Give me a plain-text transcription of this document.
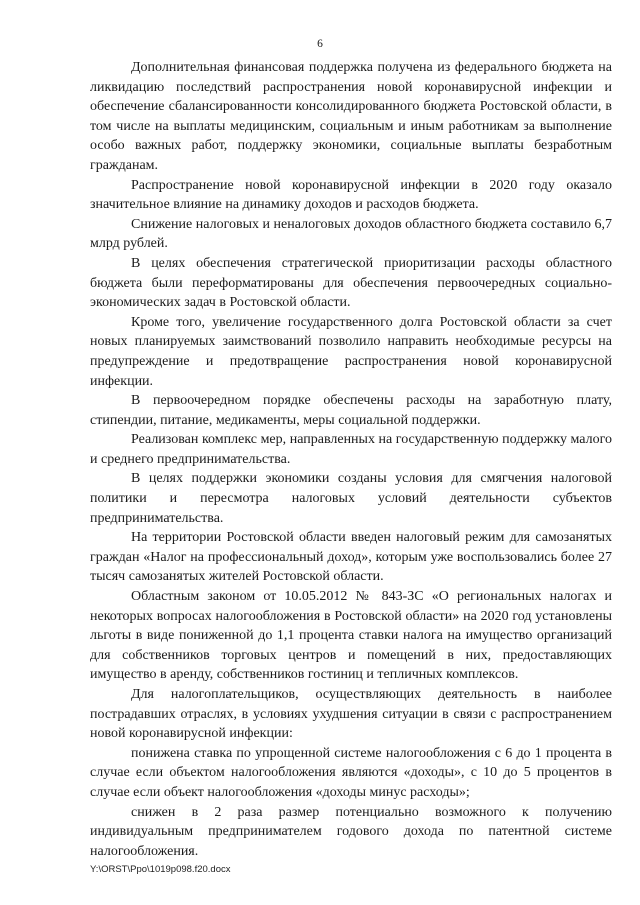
6

Дополнительная финансовая поддержка получена из федерального бюджета на ликвидацию последствий распространения новой коронавирусной инфекции и обеспечение сбалансированности консолидированного бюджета Ростовской области, в том числе на выплаты медицинским, социальным и иным работникам за выполнение особо важных работ, поддержку экономики, социальные выплаты безработным гражданам.

Распространение новой коронавирусной инфекции в 2020 году оказало значительное влияние на динамику доходов и расходов бюджета.

Снижение налоговых и неналоговых доходов областного бюджета составило 6,7 млрд рублей.

В целях обеспечения стратегической приоритизации расходы областного бюджета были переформатированы для обеспечения первоочередных социально-экономических задач в Ростовской области.

Кроме того, увеличение государственного долга Ростовской области за счет новых планируемых заимствований позволило направить необходимые ресурсы на предупреждение и предотвращение распространения новой коронавирусной инфекции.

В первоочередном порядке обеспечены расходы на заработную плату, стипендии, питание, медикаменты, меры социальной поддержки.

Реализован комплекс мер, направленных на государственную поддержку малого и среднего предпринимательства.

В целях поддержки экономики созданы условия для смягчения налоговой политики и пересмотра налоговых условий деятельности субъектов предпринимательства.

На территории Ростовской области введен налоговый режим для самозанятых граждан «Налог на профессиональный доход», которым уже воспользовались более 27 тысяч самозанятых жителей Ростовской области.

Областным законом от 10.05.2012 № 843-ЗС «О региональных налогах и некоторых вопросах налогообложения в Ростовской области» на 2020 год установлены льготы в виде пониженной до 1,1 процента ставки налога на имущество организаций для собственников торговых центров и помещений в них, предоставляющих имущество в аренду, собственников гостиниц и тепличных комплексов.

Для налогоплательщиков, осуществляющих деятельность в наиболее пострадавших отраслях, в условиях ухудшения ситуации в связи с распространением новой коронавирусной инфекции:

понижена ставка по упрощенной системе налогообложения с 6 до 1 процента в случае если объектом налогообложения являются «доходы», с 10 до 5 процентов в случае если объект налогообложения «доходы минус расходы»;

снижен в 2 раза размер потенциально возможного к получению индивидуальным предпринимателем годового дохода по патентной системе налогообложения.

Y:\ORST\Ppo\1019p098.f20.docx
